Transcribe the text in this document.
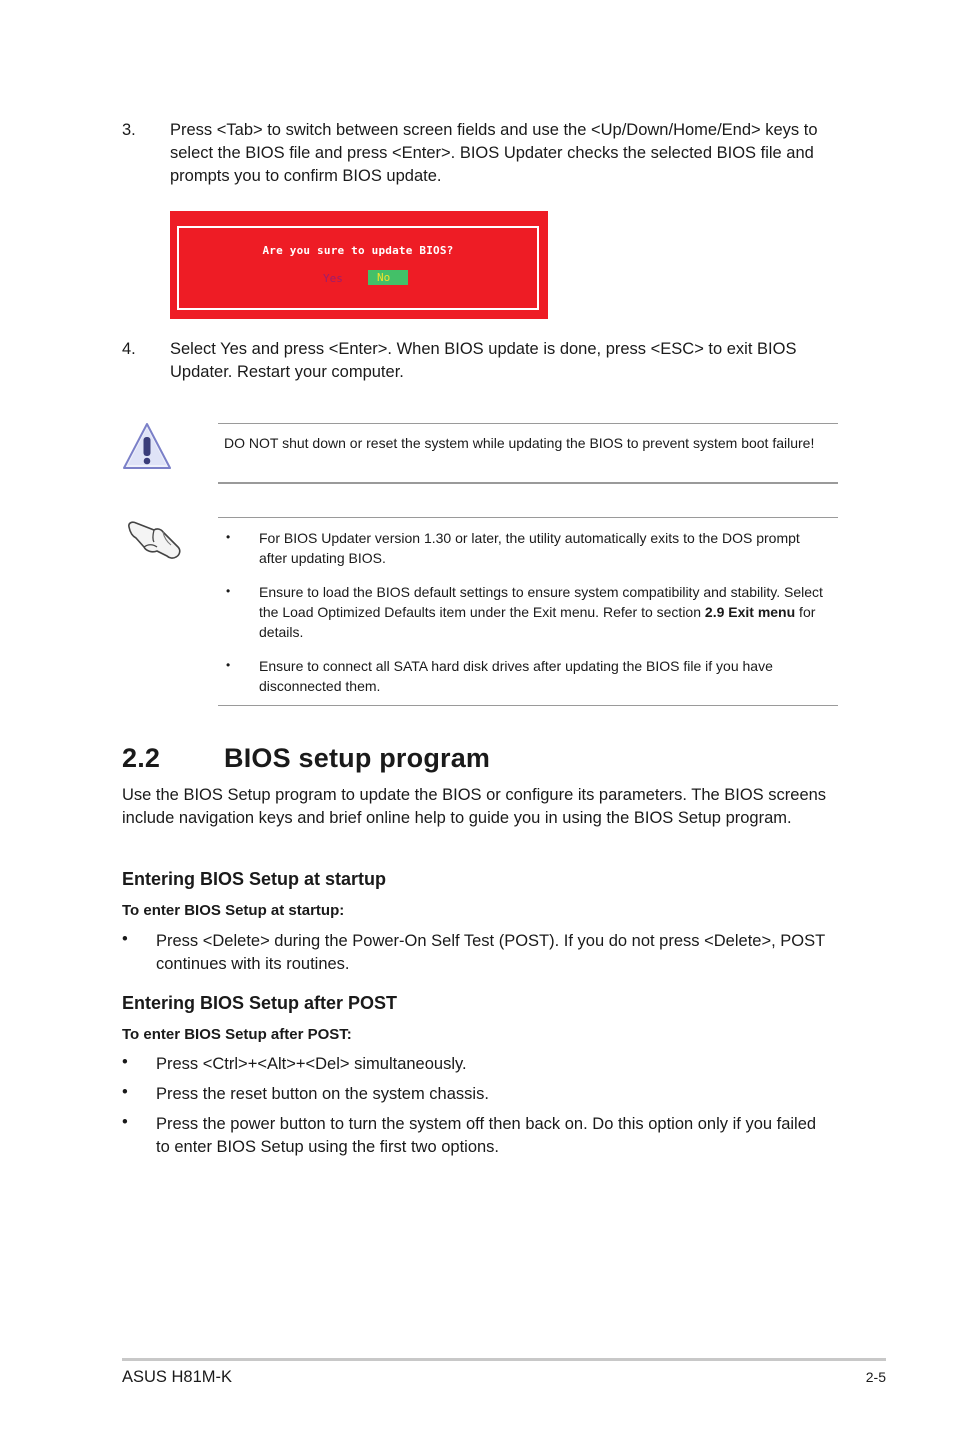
3. Press <Tab> to switch between screen fields and use the <Up/Down/Home/End> keys to select the BIOS file and press <Enter>. BIOS Updater checks the selected BIOS file and prompts you to confirm BIOS update.
Are you sure to update BIOS?
Yes	No
4. Select Yes and press <Enter>. When BIOS update is done, press <ESC> to exit BIOS Updater. Restart your computer.
DO NOT shut down or reset the system while updating the BIOS to prevent system boot failure!
• For BIOS Updater version 1.30 or later, the utility automatically exits to the DOS prompt after updating BIOS.
• Ensure to load the BIOS default settings to ensure system compatibility and stability. Select the Load Optimized Defaults item under the Exit menu. Refer to section 2.9 Exit menu for details.
• Ensure to connect all SATA hard disk drives after updating the BIOS file if you have disconnected them.
2.2 BIOS setup program
Use the BIOS Setup program to update the BIOS or configure its parameters. The BIOS screens include navigation keys and brief online help to guide you in using the BIOS Setup program.
Entering BIOS Setup at startup
To enter BIOS Setup at startup:
• Press <Delete> during the Power-On Self Test (POST). If you do not press <Delete>, POST continues with its routines.
Entering BIOS Setup after POST
To enter BIOS Setup after POST:
• Press <Ctrl>+<Alt>+<Del> simultaneously.
• Press the reset button on the system chassis.
• Press the power button to turn the system off then back on. Do this option only if you failed to enter BIOS Setup using the first two options.
ASUS H81M-K	2-5
